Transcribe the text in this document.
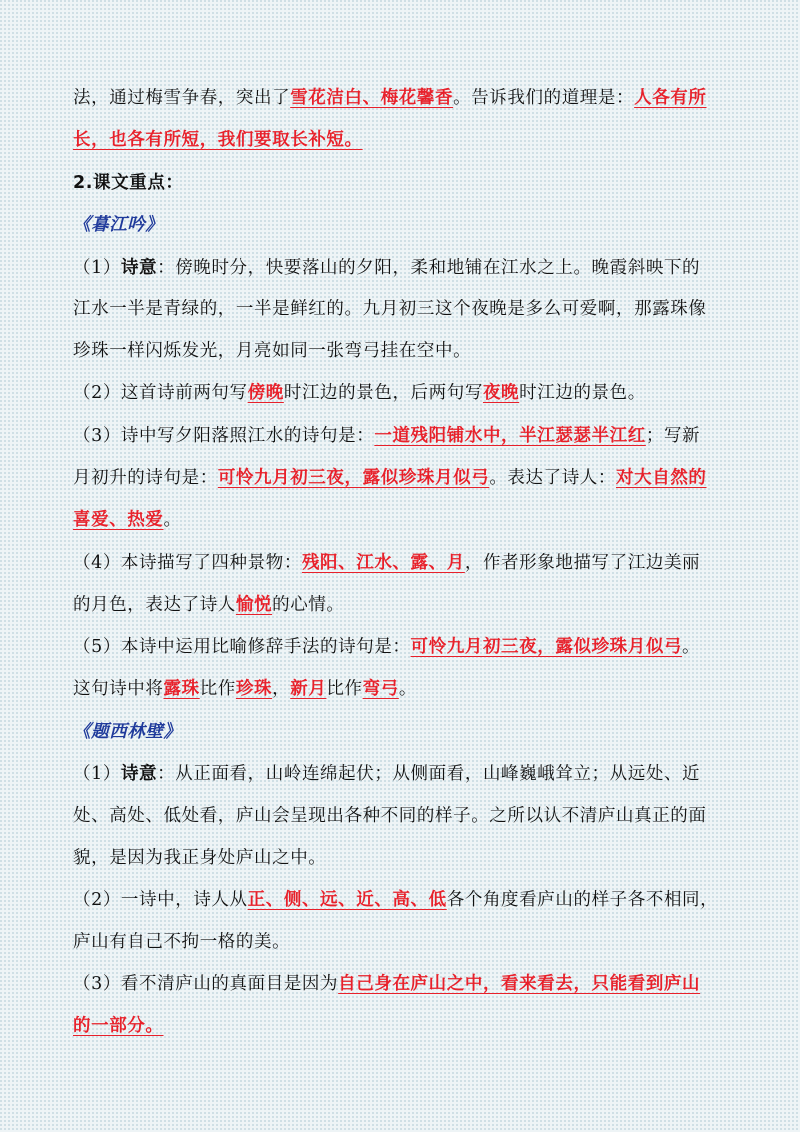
法，通过梅雪争春，突出了雪花洁白、梅花馨香。告诉我们的道理是：人各有所
长，也各有所短，我们要取长补短。
2.课文重点：
《暮江吟》
（1）诗意：傍晚时分，快要落山的夕阳，柔和地铺在江水之上。晚霞斜映下的
江水一半是青绿的，一半是鲜红的。九月初三这个夜晚是多么可爱啊，那露珠像
珍珠一样闪烁发光，月亮如同一张弯弓挂在空中。
（2）这首诗前两句写傍晚时江边的景色，后两句写夜晚时江边的景色。
（3）诗中写夕阳落照江水的诗句是：一道残阳铺水中，半江瑟瑟半江红；写新
月初升的诗句是：可怜九月初三夜，露似珍珠月似弓。表达了诗人：对大自然的
喜爱、热爱。
（4）本诗描写了四种景物：残阳、江水、露、月，作者形象地描写了江边美丽
的月色，表达了诗人愉悦的心情。
（5）本诗中运用比喻修辞手法的诗句是：可怜九月初三夜，露似珍珠月似弓。
这句诗中将露珠比作珍珠，新月比作弯弓。
《题西林壁》
（1）诗意：从正面看，山岭连绵起伏；从侧面看，山峰巍峨耸立；从远处、近
处、高处、低处看，庐山会呈现出各种不同的样子。之所以认不清庐山真正的面
貌，是因为我正身处庐山之中。
（2）一诗中，诗人从正、侧、远、近、高、低各个角度看庐山的样子各不相同，
庐山有自己不拘一格的美。
（3）看不清庐山的真面目是因为自己身在庐山之中，看来看去，只能看到庐山
的一部分。
